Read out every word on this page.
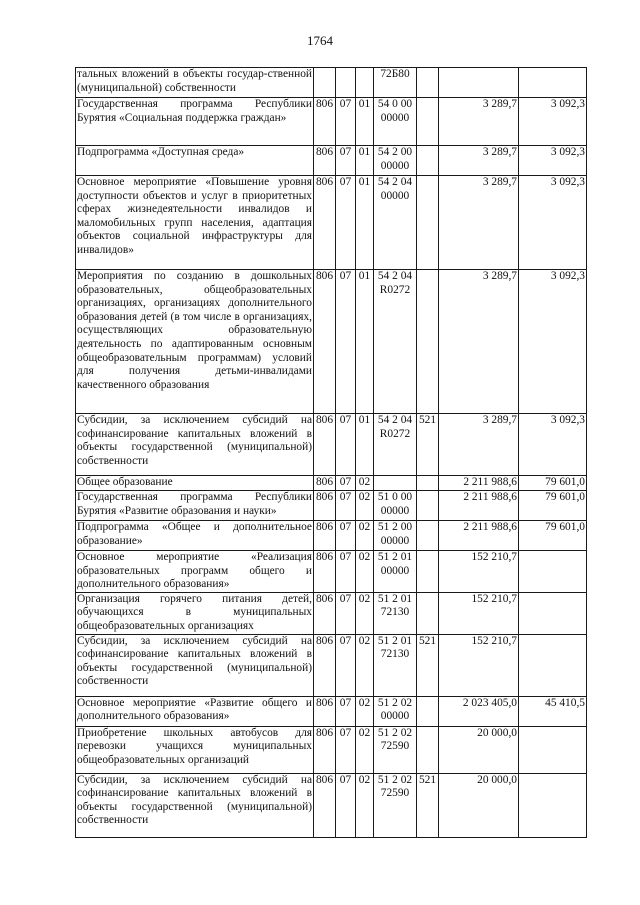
1764
тальных вложений в объекты государ-ственной (муниципальной) собственности				72Б80			
Государственная программа Республики Бурятия «Социальная поддержка граждан»	806	07	01	54 0 00
00000		3 289,7	3 092,3
Подпрограмма «Доступная среда»	806	07	01	54 2 00
00000		3 289,7	3 092,3
Основное мероприятие «Повышение уровня доступности объектов и услуг в приоритетных сферах жизнедеятельности инвалидов и маломобильных групп населения, адаптация объектов социальной инфраструктуры для инвалидов»	806	07	01	54 2 04
00000		3 289,7	3 092,3
Мероприятия по созданию в дошкольных образовательных, общеобразовательных организациях, организациях дополнительного образования детей (в том числе в организациях, осуществляющих образовательную деятельность по адаптированным основным общеобразовательным программам) условий для получения детьми-инвалидами качественного образования	806	07	01	54 2 04
R0272		3 289,7	3 092,3
Субсидии, за исключением субсидий на софинансирование капитальных вложений в объекты государственной (муниципальной) собственности	806	07	01	54 2 04
R0272	521	3 289,7	3 092,3
Общее образование	806	07	02			2 211 988,6	79 601,0
Государственная программа Республики Бурятия «Развитие образования и науки»	806	07	02	51 0 00
00000		2 211 988,6	79 601,0
Подпрограмма «Общее и дополнительное образование»	806	07	02	51 2 00
00000		2 211 988,6	79 601,0
Основное мероприятие «Реализация образовательных программ общего и дополнительного образования»	806	07	02	51 2 01
00000		152 210,7	
Организация горячего питания детей, обучающихся в муниципальных общеобразовательных организациях	806	07	02	51 2 01
72130		152 210,7	
Субсидии, за исключением субсидий на софинансирование капитальных вложений в объекты государственной (муниципальной) собственности	806	07	02	51 2 01
72130	521	152 210,7	
Основное мероприятие «Развитие общего и дополнительного образования»	806	07	02	51 2 02
00000		2 023 405,0	45 410,5
Приобретение школьных автобусов для перевозки учащихся муниципальных общеобразовательных организаций	806	07	02	51 2 02
72590		20 000,0	
Субсидии, за исключением субсидий на софинансирование капитальных вложений в объекты государственной (муниципальной) собственности	806	07	02	51 2 02
72590	521	20 000,0	
